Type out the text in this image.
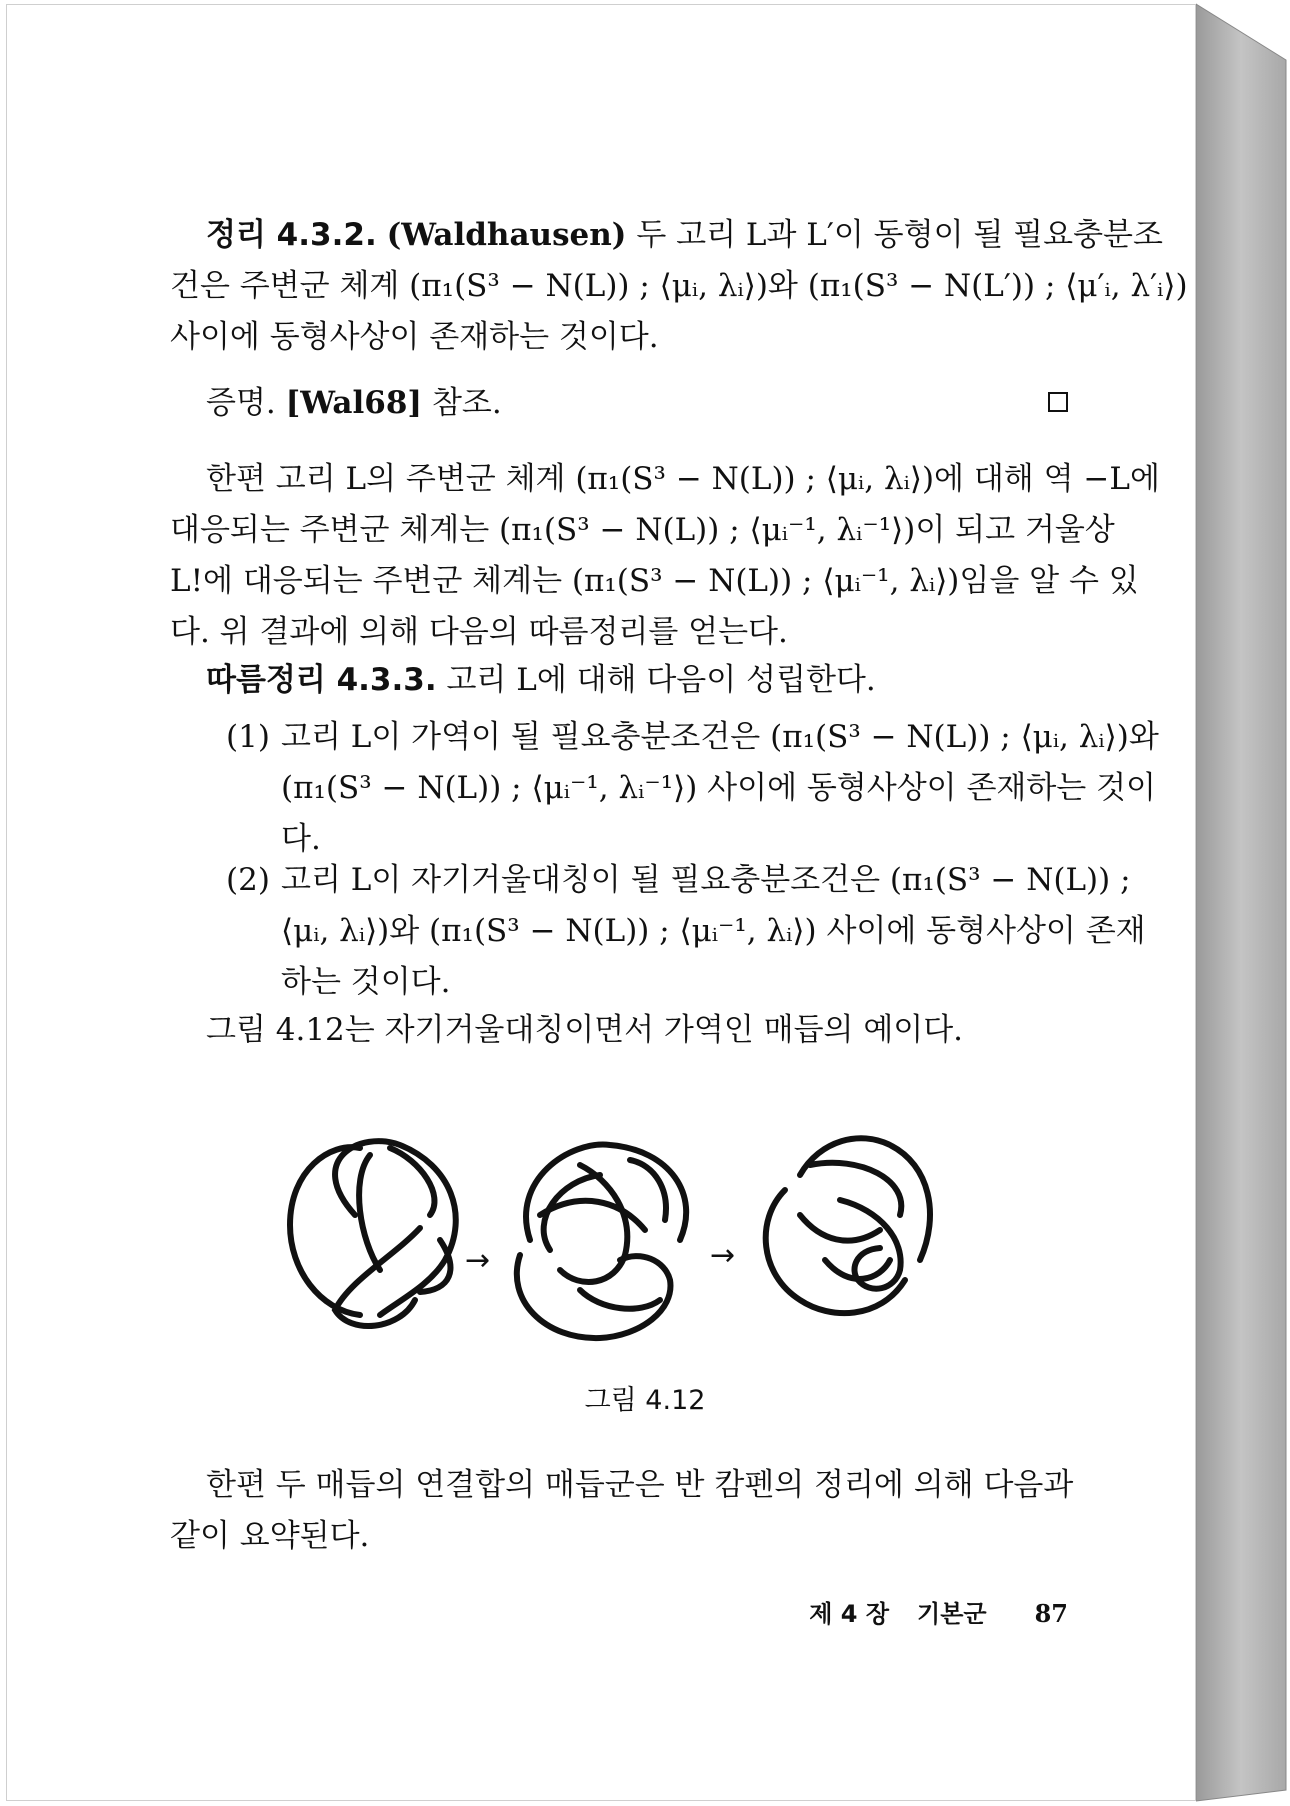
정리 4.3.2. (Waldhausen) 두 고리 L과 L′이 동형이 될 필요충분조
건은 주변군 체계 (π₁(S³ − N(L)) ; ⟨μᵢ, λᵢ⟩)와 (π₁(S³ − N(L′)) ; ⟨μ′ᵢ, λ′ᵢ⟩)
사이에 동형사상이 존재하는 것이다.
증명. [Wal68] 참조.
한편 고리 L의 주변군 체계 (π₁(S³ − N(L)) ; ⟨μᵢ, λᵢ⟩)에 대해 역 −L에
대응되는 주변군 체계는 (π₁(S³ − N(L)) ; ⟨μᵢ⁻¹, λᵢ⁻¹⟩)이 되고 거울상
L!에 대응되는 주변군 체계는 (π₁(S³ − N(L)) ; ⟨μᵢ⁻¹, λᵢ⟩)임을 알 수 있
다. 위 결과에 의해 다음의 따름정리를 얻는다.
따름정리 4.3.3. 고리 L에 대해 다음이 성립한다.
(1) 고리 L이 가역이 될 필요충분조건은 (π₁(S³ − N(L)) ; ⟨μᵢ, λᵢ⟩)와
(π₁(S³ − N(L)) ; ⟨μᵢ⁻¹, λᵢ⁻¹⟩) 사이에 동형사상이 존재하는 것이
다.
(2) 고리 L이 자기거울대칭이 될 필요충분조건은 (π₁(S³ − N(L)) ;
⟨μᵢ, λᵢ⟩)와 (π₁(S³ − N(L)) ; ⟨μᵢ⁻¹, λᵢ⟩) 사이에 동형사상이 존재
하는 것이다.
그림 4.12는 자기거울대칭이면서 가역인 매듭의 예이다.
→	→
그림 4.12
한편 두 매듭의 연결합의 매듭군은 반 캄펜의 정리에 의해 다음과
같이 요약된다.
제 4 장 기본군 87
